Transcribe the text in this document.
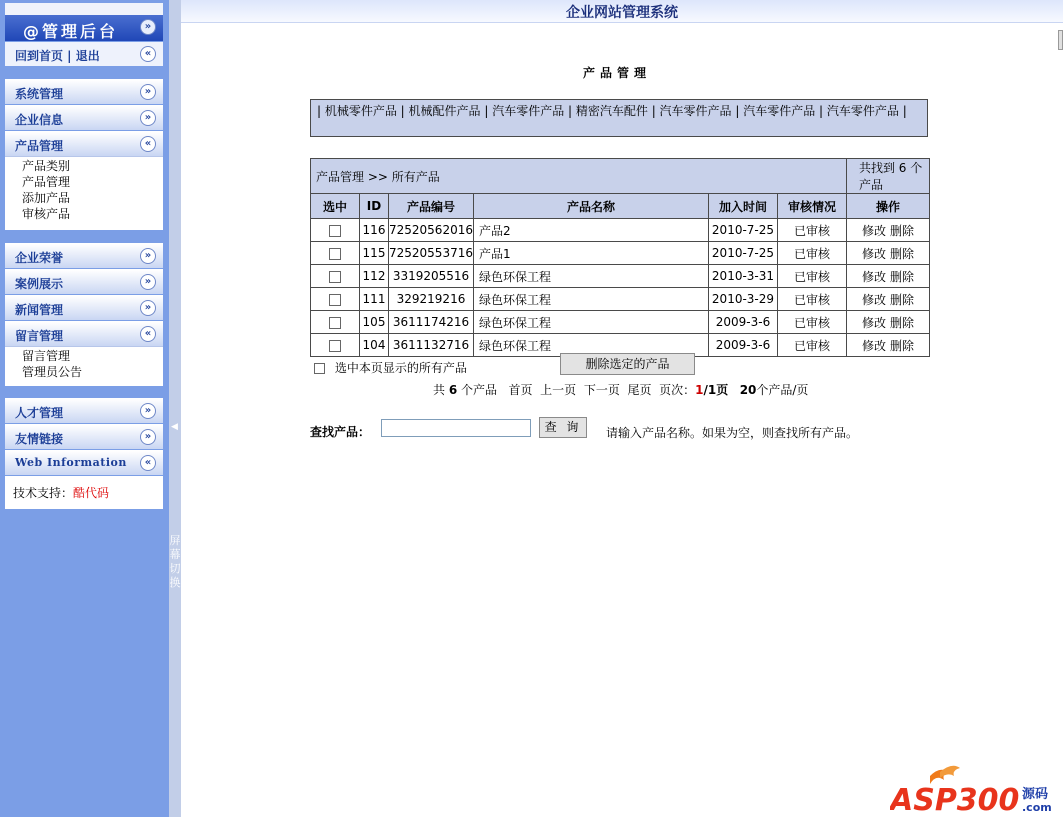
@管理后台	»
回到首页 | 退出	«
系统管理	»
企业信息	»
产品管理	«
产品类别
产品管理
添加产品
审核产品
企业荣誉	»
案例展示	»
新闻管理	»
留言管理	«
留言管理
管理员公告
人才管理	»
友情链接	»
Web Information	«
技术支持：酷代码
◀
屏幕切换
企业网站管理系统
产品管理
| 机械零件产品 | 机械配件产品 | 汽车零件产品 | 精密汽车配件 | 汽车零件产品 | 汽车零件产品 | 汽车零件产品 |
产品管理 >> 所有产品						共找到 6 个产品
选中	ID	产品编号	产品名称	加入时间	审核情况	操作
	116	72520562016	产品2	2010-7-25	已审核	修改 删除
	115	72520553716	产品1	2010-7-25	已审核	修改 删除
	112	3319205516	绿色环保工程	2010-3-31	已审核	修改 删除
	111	329219216	绿色环保工程	2010-3-29	已审核	修改 删除
	105	3611174216	绿色环保工程	2009-3-6	已审核	修改 删除
	104	3611132716	绿色环保工程	2009-3-6	已审核	修改 删除
选中本页显示的所有产品	删除选定的产品
共 6 个产品 首页 上一页 下一页 尾页 页次：1/1页 20个产品/页
查找产品：	查 询	请输入产品名称。如果为空，则查找所有产品。
ASP300 源码
.com
